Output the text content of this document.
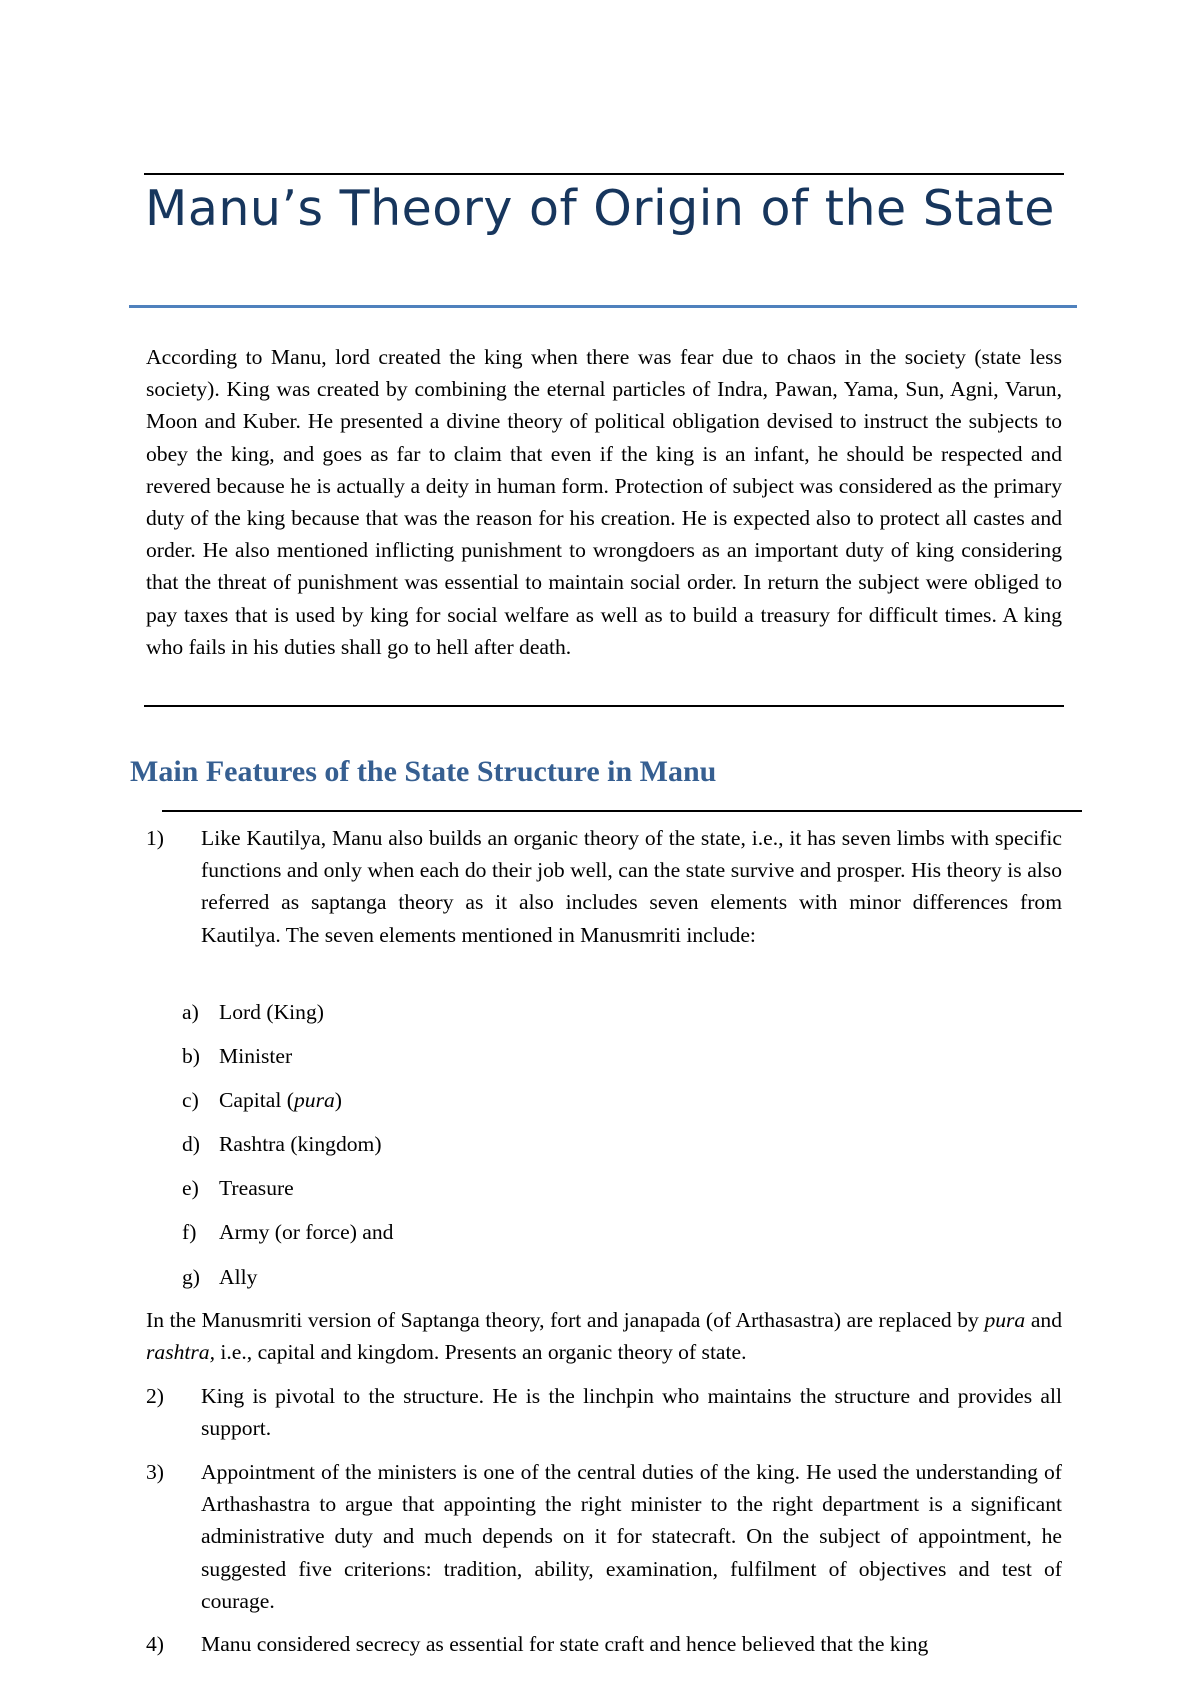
Manu’s Theory of Origin of the State

According to Manu, lord created the king when there was fear due to chaos in the society (state less society). King was created by combining the eternal particles of Indra, Pawan, Yama, Sun, Agni, Varun, Moon and Kuber. He presented a divine theory of political obligation devised to instruct the subjects to obey the king, and goes as far to claim that even if the king is an infant, he should be respected and revered because he is actually a deity in human form. Protection of subject was considered as the primary duty of the king because that was the reason for his creation. He is expected also to protect all castes and order. He also mentioned inflicting punishment to wrongdoers as an important duty of king considering that the threat of punishment was essential to maintain social order. In return the subject were obliged to pay taxes that is used by king for social welfare as well as to build a treasury for difficult times. A king who fails in his duties shall go to hell after death.

Main Features of the State Structure in Manu
1)	Like Kautilya, Manu also builds an organic theory of the state, i.e., it has seven limbs with specific functions and only when each do their job well, can the state survive and prosper. His theory is also referred as saptanga theory as it also includes seven elements with minor differences from Kautilya. The seven elements mentioned in Manusmriti include:
a) Lord (King)
b) Minister
c) Capital (pura)
d) Rashtra (kingdom)
e) Treasure
f) Army (or force) and
g) Ally

In the Manusmriti version of Saptanga theory, fort and janapada (of Arthasastra) are replaced by pura and rashtra, i.e., capital and kingdom. Presents an organic theory of state.

2)	King is pivotal to the structure. He is the linchpin who maintains the structure and provides all support.
3)	Appointment of the ministers is one of the central duties of the king. He used the understanding of Arthashastra to argue that appointing the right minister to the right department is a significant administrative duty and much depends on it for statecraft. On the subject of appointment, he suggested five criterions: tradition, ability, examination, fulfilment of objectives and test of courage.
4)	Manu considered secrecy as essential for state craft and hence believed that the king
